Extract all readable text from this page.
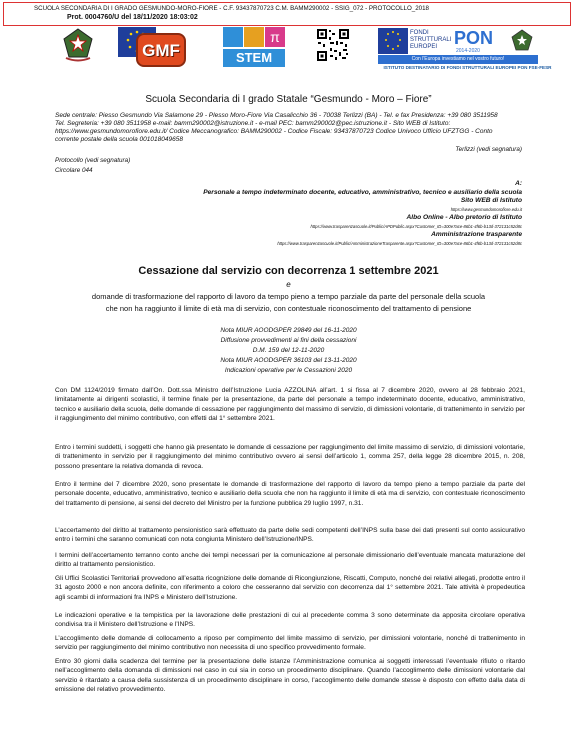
SCUOLA SECONDARIA DI I GRADO GESMUNDO-MORO-FIORE - C.F. 93437870723 C.M. BAMM290002 - SSIG_072 - PROTOCOLLO_2018
Prot. 0004760/U del 18/11/2020 18:03:02
GMF
π
STEM
FONDI
STRUTTURALI
EUROPEI PON
2014-2020
Con l'Europa investiamo nel vostro futuro!
ISTITUTO DESTINATARIO DI FONDI STRUTTURALI EUROPEI PON FSE-FESR
Scuola Secondaria di I grado Statale “Gesmundo - Moro – Fiore”
Sede centrale: Piesso Gesmundo Via Salamone 29 - Plesso Moro-Fiore Via Casalicchio 36 - 70038 Terlizzi (BA) - Tel. e fax Presidenza: +39 080 3511958
Tel. Segreteria: +39 080 3511958 e-mail: bamm290002@istruzione.it - e-mail PEC: bamm290002@pec.istruzione.it - Sito WEB di Istituto:
https://www.gesmundomorofiore.edu.it/ Codice Meccanografico: BAMM290002 - Codice Fiscale: 93437870723 Codice Univoco Ufficio UFZTGG - Conto
corrente postale della scuola 001018049658
Terlizzi (vedi segnatura)
Protocollo (vedi segnatura)
Circolare 044
A:
Personale a tempo indeterminato docente, educativo, amministrativo, tecnico e ausiliario della scuola
Sito WEB di Istituto
https://www.gesmundomorofiore.edu.it
Albo Online - Albo pretorio di Istituto
https://www.trasparenzascuole.it/Public/APDPublic.aspx?Customer_ID=300e7ace-86b1-4f6b-b13d-372131c52d8c
Amministrazione trasparente
https://www.trasparenzascuole.it/Public/AmministrazioneTrasparente.aspx?Customer_ID=300e7ace-86b1-4f6b-b13d-372131c52d8c
Cessazione dal servizio con decorrenza 1 settembre 2021
e
domande di trasformazione del rapporto di lavoro da tempo pieno a tempo parziale da parte del personale della scuola
che non ha raggiunto il limite di età ma di servizio, con contestuale riconoscimento del trattamento di pensione
Nota MIUR AOODGPER 29849 del 16-11-2020
Diffusione provvedimenti ai fini della cessazioni
D.M. 159 del 12-11-2020
Nota MIUR AOODGPER 36103 del 13-11-2020
Indicazioni operative per le Cessazioni 2020
Con DM 1124/2019 firmato dall’On. Dott.ssa Ministro dell’Istruzione Lucia AZZOLINA all’art. 1 si fissa al 7 dicembre 2020, ovvero al 28 febbraio 2021, limitatamente ai dirigenti scolastici, il termine finale per la presentazione, da parte del personale a tempo indeterminato docente, educativo, amministrativo, tecnico e ausiliario della scuola, delle domande di cessazione per raggiungimento del massimo di servizio, di dimissioni volontarie, di trattenimento in servizio per il raggiungimento del minimo contributivo, con effetti dal 1° settembre 2021.
Entro i termini suddetti, i soggetti che hanno già presentato le domande di cessazione per raggiungimento del limite massimo di servizio, di dimissioni volontarie, di trattenimento in servizio per il raggiungimento del minimo contributivo ovvero ai sensi dell’articolo 1, comma 257, della legge 28 dicembre 2015, n. 208, possono presentare la relativa domanda di revoca.
Entro il termine del 7 dicembre 2020, sono presentate le domande di trasformazione del rapporto di lavoro da tempo pieno a tempo parziale da parte del personale docente, educativo, amministrativo, tecnico e ausiliario della scuola che non ha raggiunto il limite di età ma di servizio, con contestuale riconoscimento del trattamento di pensione, ai sensi del decreto del Ministro per la funzione pubblica 29 luglio 1997, n.31.
L’accertamento del diritto al trattamento pensionistico sarà effettuato da parte delle sedi competenti dell’INPS sulla base dei dati presenti sul conto assicurativo entro i termini che saranno comunicati con nota congiunta Ministero dell’Istruzione/INPS.
I termini dell’accertamento terranno conto anche dei tempi necessari per la comunicazione al personale dimissionario dell’eventuale mancata maturazione del diritto al trattamento pensionistico.
Gli Uffici Scolastici Territoriali provvedono all’esatta ricognizione delle domande di Ricongiunzione, Riscatti, Computo, nonché dei relativi allegati, prodotte entro il 31 agosto 2000 e non ancora definite, con riferimento a coloro che cesseranno dal servizio con decorrenza dal 1° settembre 2021. Tale attività è propedeutica agli scambi di informazioni fra INPS e Ministero dell’Istruzione.
Le indicazioni operative e la tempistica per la lavorazione delle prestazioni di cui al precedente comma 3 sono determinate da apposita circolare operativa condivisa tra il Ministero dell’Istruzione e l’INPS.
L’accoglimento delle domande di collocamento a riposo per compimento del limite massimo di servizio, per dimissioni volontarie, nonché di trattenimento in servizio per raggiungimento del minimo contributivo non necessita di uno specifico provvedimento formale.
Entro 30 giorni dalla scadenza del termine per la presentazione delle istanze l’Amministrazione comunica ai soggetti interessati l’eventuale rifiuto o ritardo nell’accoglimento della domanda di dimissioni nel caso in cui sia in corso un procedimento disciplinare. Quando l’accoglimento delle dimissioni volontarie dal servizio è ritardato a causa della sussistenza di un procedimento disciplinare in corso, l’accoglimento delle domande stesse è disposto con effetto dalla data di emissione del relativo provvedimento.
